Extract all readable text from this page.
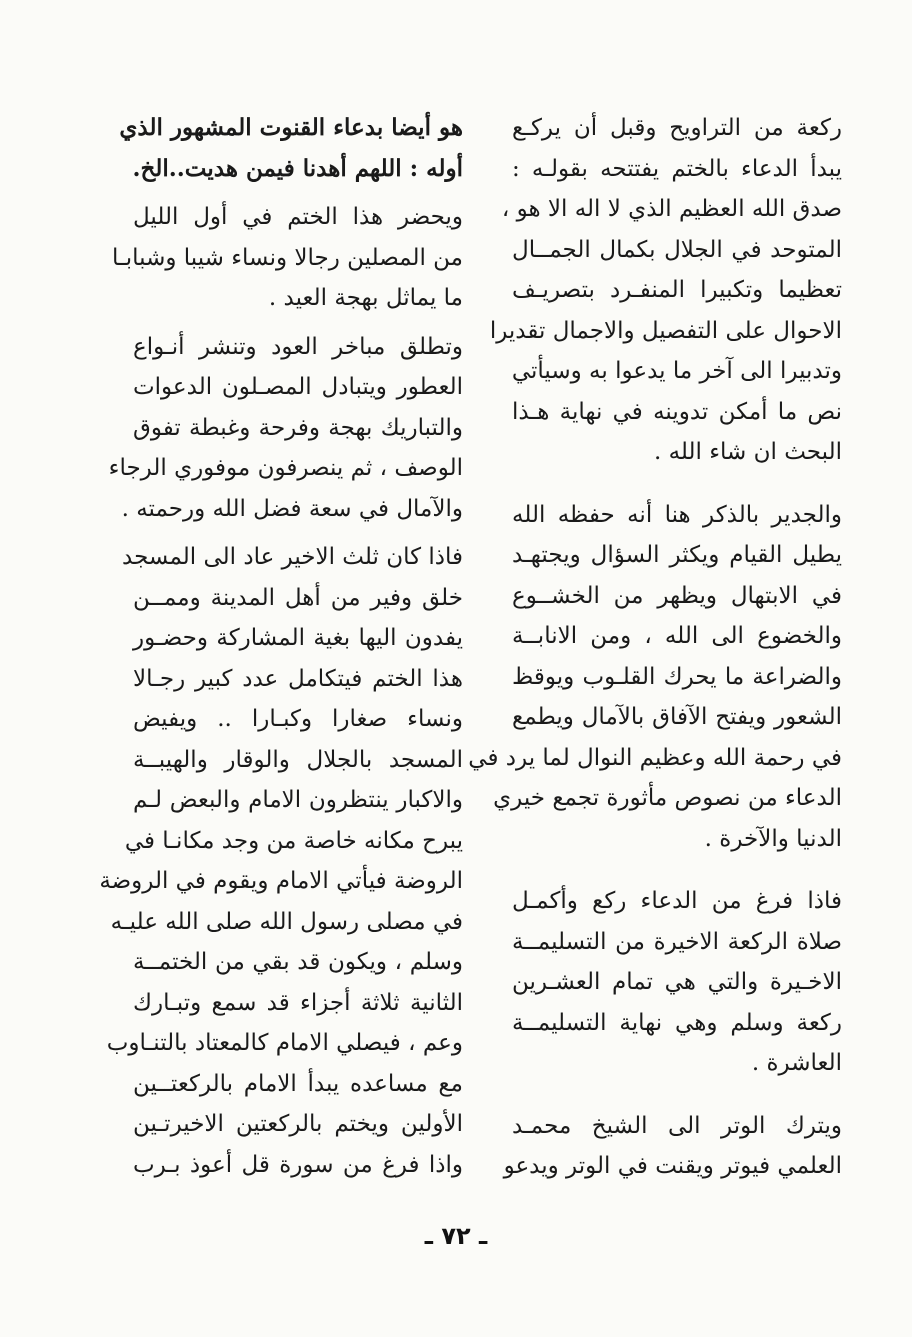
ركعة من التراويح وقبل أن يركـع
يبدأ الدعاء بالختم يفتتحه بقولـه :
صدق الله العظيم الذي لا اله الا هو ،
المتوحد في الجلال بكمال الجمــال
تعظيما وتكبيرا المنفـرد بتصريـف
الاحوال على التفصيل والاجمال تقديرا
وتدبيرا الى آخر ما يدعوا به وسيأتي
نص ما أمكن تدوينه في نهاية هـذا
البحث ان شاء الله .

والجدير بالذكر هنا أنه حفظه الله
يطيل القيام ويكثر السؤال ويجتهـد
في الابتهال ويظهر من الخشــوع
والخضوع الى الله ، ومن الانابــة
والضراعة ما يحرك القلـوب ويوقظ
الشعور ويفتح الآفاق بالآمال ويطمع
في رحمة الله وعظيم النوال لما يرد في
الدعاء من نصوص مأثورة تجمع خيري
الدنيا والآخرة .

فاذا فرغ من الدعاء ركع وأكمـل
صلاة الركعة الاخيرة من التسليمــة
الاخـيرة والتي هي تمام العشـرين
ركعة وسلم وهي نهاية التسليمــة
العاشرة .

ويترك الوتر الى الشيخ محمـد
العلمي فيوتر ويقنت في الوتر ويدعو

هو أيضا بدعاء القنوت المشهور الذي
أوله : اللهم أهدنا فيمن هديت..الخ.

ويحضر هذا الختم في أول الليل
من المصلين رجالا ونساء شيبا وشبابـا
ما يماثل بهجة العيد .

وتطلق مباخر العود وتنشر أنـواع
العطور ويتبادل المصـلون الدعوات
والتباريك بهجة وفرحة وغبطة تفوق
الوصف ، ثم ينصرفون موفوري الرجاء
والآمال في سعة فضل الله ورحمته .

فاذا كان ثلث الاخير عاد الى المسجد
خلق وفير من أهل المدينة وممــن
يفدون اليها بغية المشاركة وحضـور
هذا الختم فيتكامل عدد كبير رجـالا
ونساء صغارا وكبـارا .. ويفيض
المسجد بالجلال والوقار والهيبــة
والاكبار ينتظرون الامام والبعض لـم
يبرح مكانه خاصة من وجد مكانـا في
الروضة فيأتي الامام ويقوم في الروضة
في مصلى رسول الله صلى الله عليـه
وسلم ، ويكون قد بقي من الختمــة
الثانية ثلاثة أجزاء قد سمع وتبـارك
وعم ، فيصلي الامام كالمعتاد بالتنـاوب
مع مساعده يبدأ الامام بالركعتــين
الأولين ويختم بالركعتين الاخيرتـين
واذا فرغ من سورة قل أعوذ بـرب

ـ ٧٢ ـ
